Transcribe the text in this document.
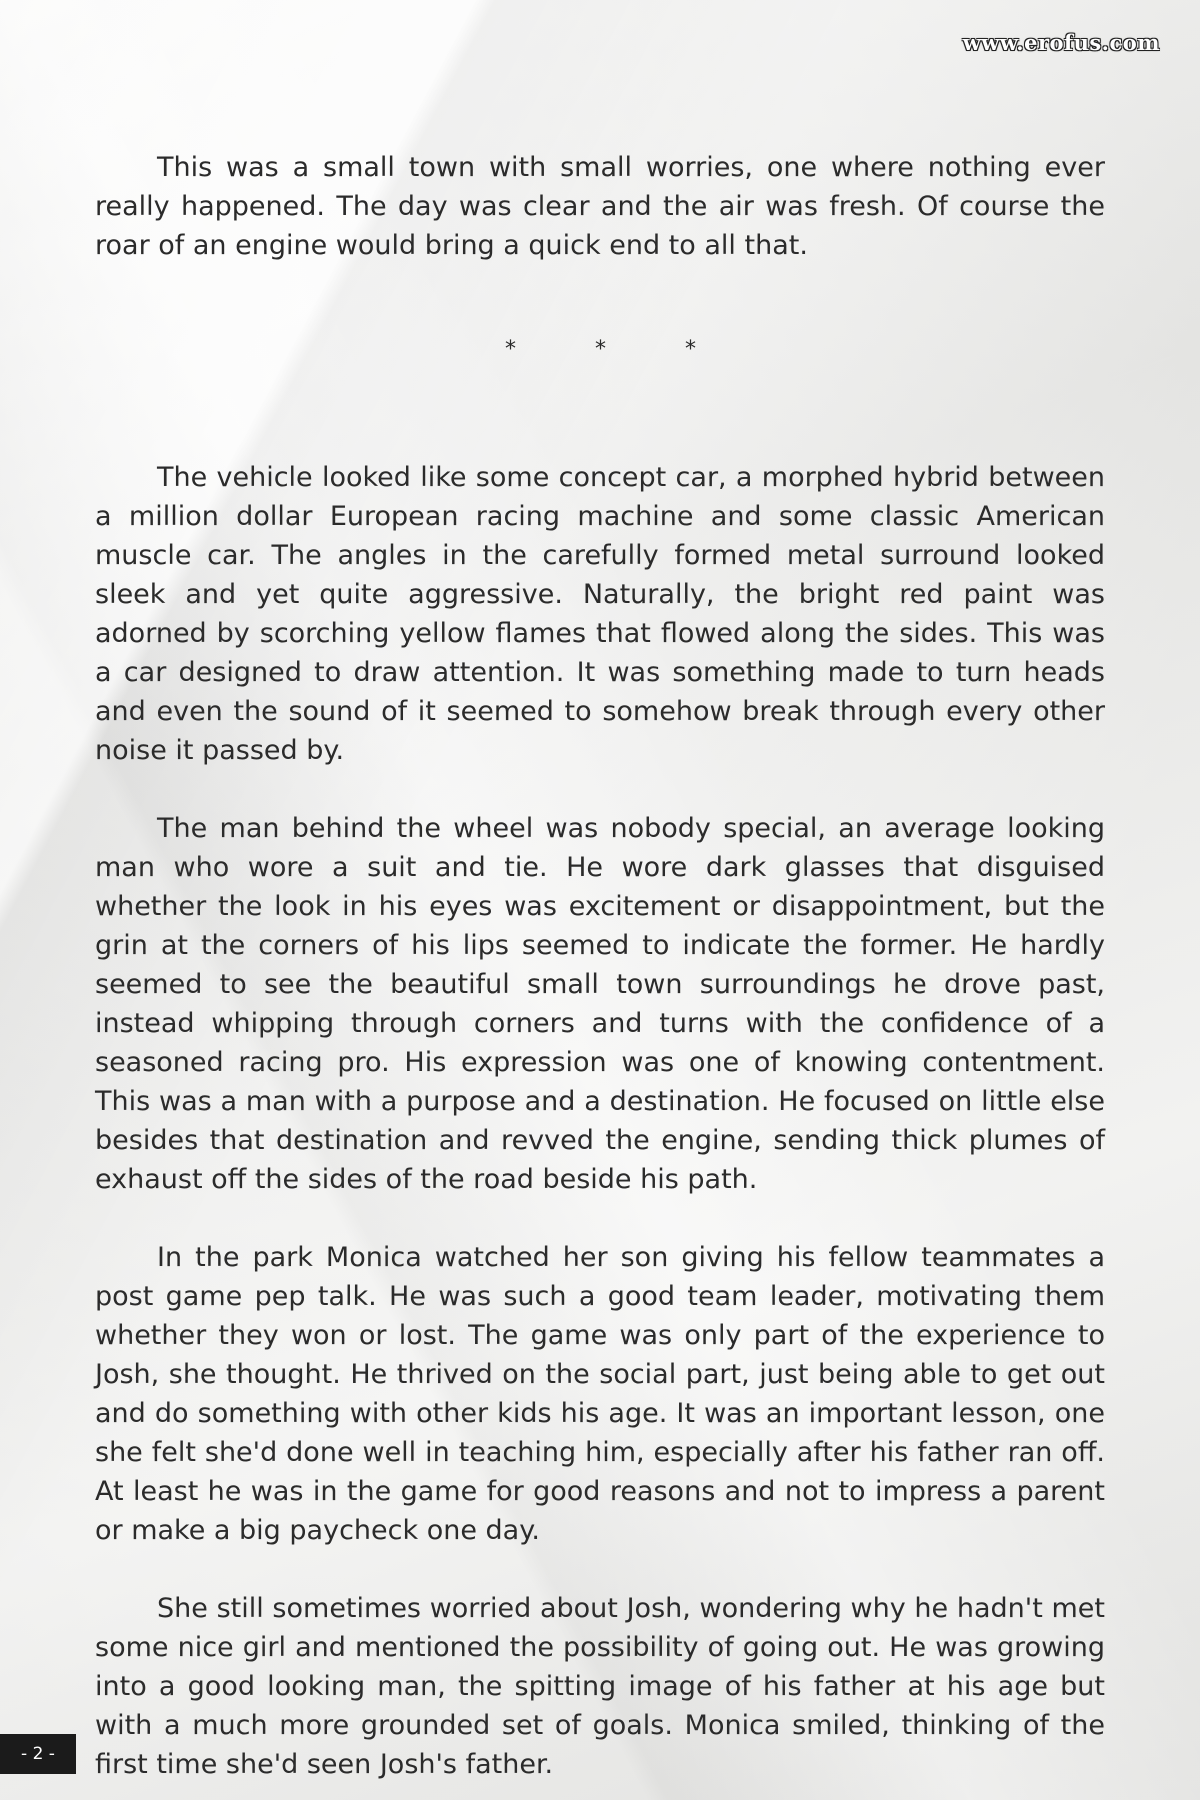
www.erofus.com

This was a small town with small worries, one where nothing ever really happened. The day was clear and the air was fresh. Of course the roar of an engine would bring a quick end to all that.

*	*	*

The vehicle looked like some concept car, a morphed hybrid between a million dollar European racing machine and some classic American muscle car. The angles in the carefully formed metal surround looked sleek and yet quite aggressive. Naturally, the bright red paint was adorned by scorching yellow flames that flowed along the sides. This was a car designed to draw attention. It was something made to turn heads and even the sound of it seemed to somehow break through every other noise it passed by.

The man behind the wheel was nobody special, an average looking man who wore a suit and tie. He wore dark glasses that disguised whether the look in his eyes was excitement or disappointment, but the grin at the corners of his lips seemed to indicate the former. He hardly seemed to see the beautiful small town surroundings he drove past, instead whipping through corners and turns with the confidence of a seasoned racing pro. His expression was one of knowing contentment. This was a man with a purpose and a destination. He focused on little else besides that destination and revved the engine, sending thick plumes of exhaust off the sides of the road beside his path.

In the park Monica watched her son giving his fellow teammates a post game pep talk. He was such a good team leader, motivating them whether they won or lost. The game was only part of the experience to Josh, she thought. He thrived on the social part, just being able to get out and do something with other kids his age. It was an important lesson, one she felt she'd done well in teaching him, especially after his father ran off. At least he was in the game for good reasons and not to impress a parent or make a big paycheck one day.

She still sometimes worried about Josh, wondering why he hadn't met some nice girl and mentioned the possibility of going out. He was growing into a good looking man, the spitting image of his father at his age but with a much more grounded set of goals. Monica smiled, thinking of the first time she'd seen Josh's father.

- 2 -
